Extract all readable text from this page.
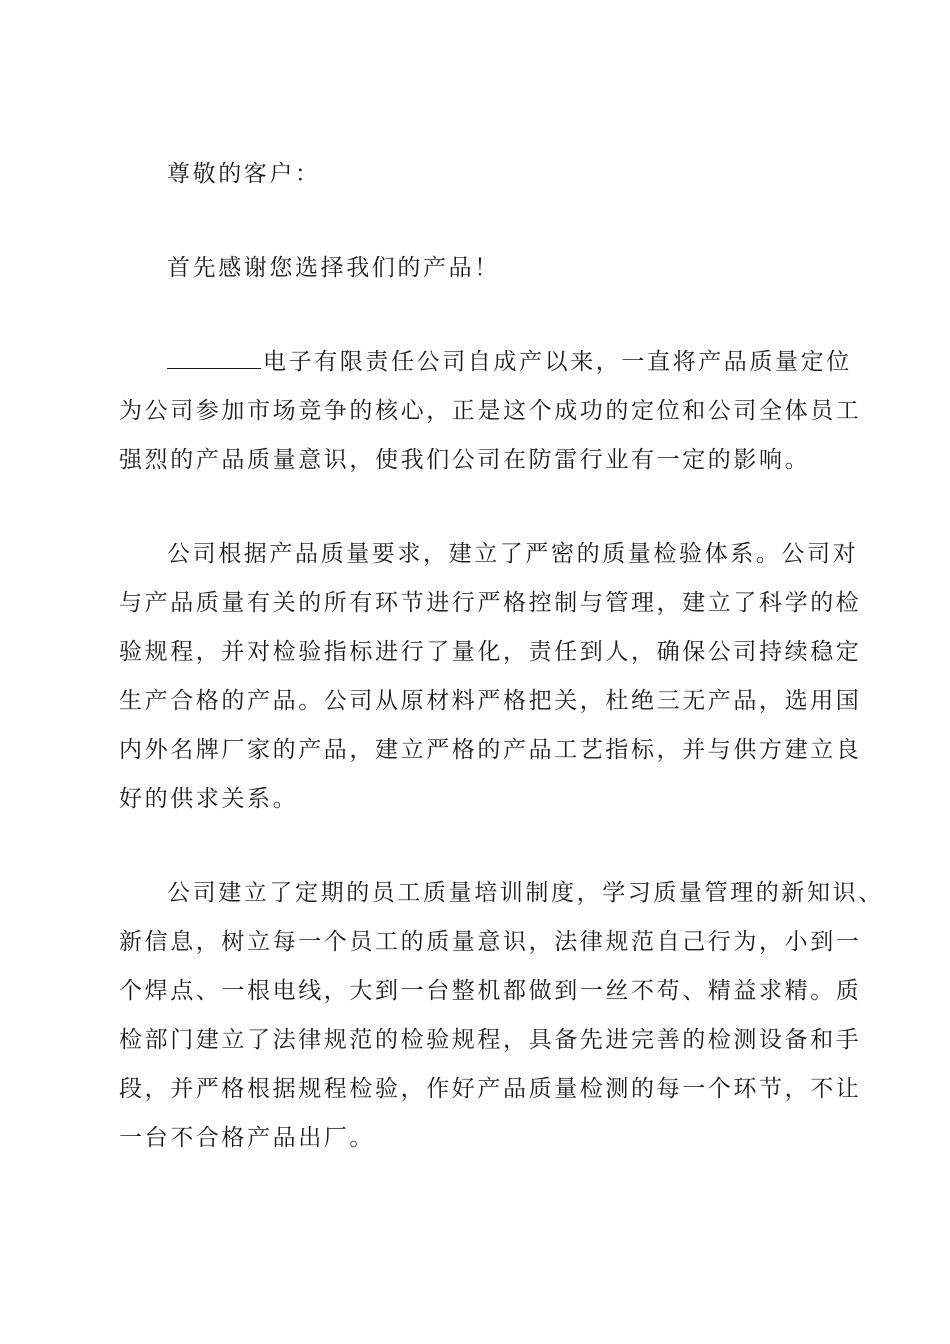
尊敬的客户：

首先感谢您选择我们的产品！

电子有限责任公司自成产以来，一直将产品质量定位
为公司参加市场竞争的核心，正是这个成功的定位和公司全体员工
强烈的产品质量意识，使我们公司在防雷行业有一定的影响。
公司根据产品质量要求，建立了严密的质量检验体系。公司对
与产品质量有关的所有环节进行严格控制与管理，建立了科学的检
验规程，并对检验指标进行了量化，责任到人，确保公司持续稳定
生产合格的产品。公司从原材料严格把关，杜绝三无产品，选用国
内外名牌厂家的产品，建立严格的产品工艺指标，并与供方建立良
好的供求关系。
公司建立了定期的员工质量培训制度，学习质量管理的新知识、
新信息，树立每一个员工的质量意识，法律规范自己行为，小到一
个焊点、一根电线，大到一台整机都做到一丝不苟、精益求精。质
检部门建立了法律规范的检验规程，具备先进完善的检测设备和手
段，并严格根据规程检验，作好产品质量检测的每一个环节，不让
一台不合格产品出厂。
